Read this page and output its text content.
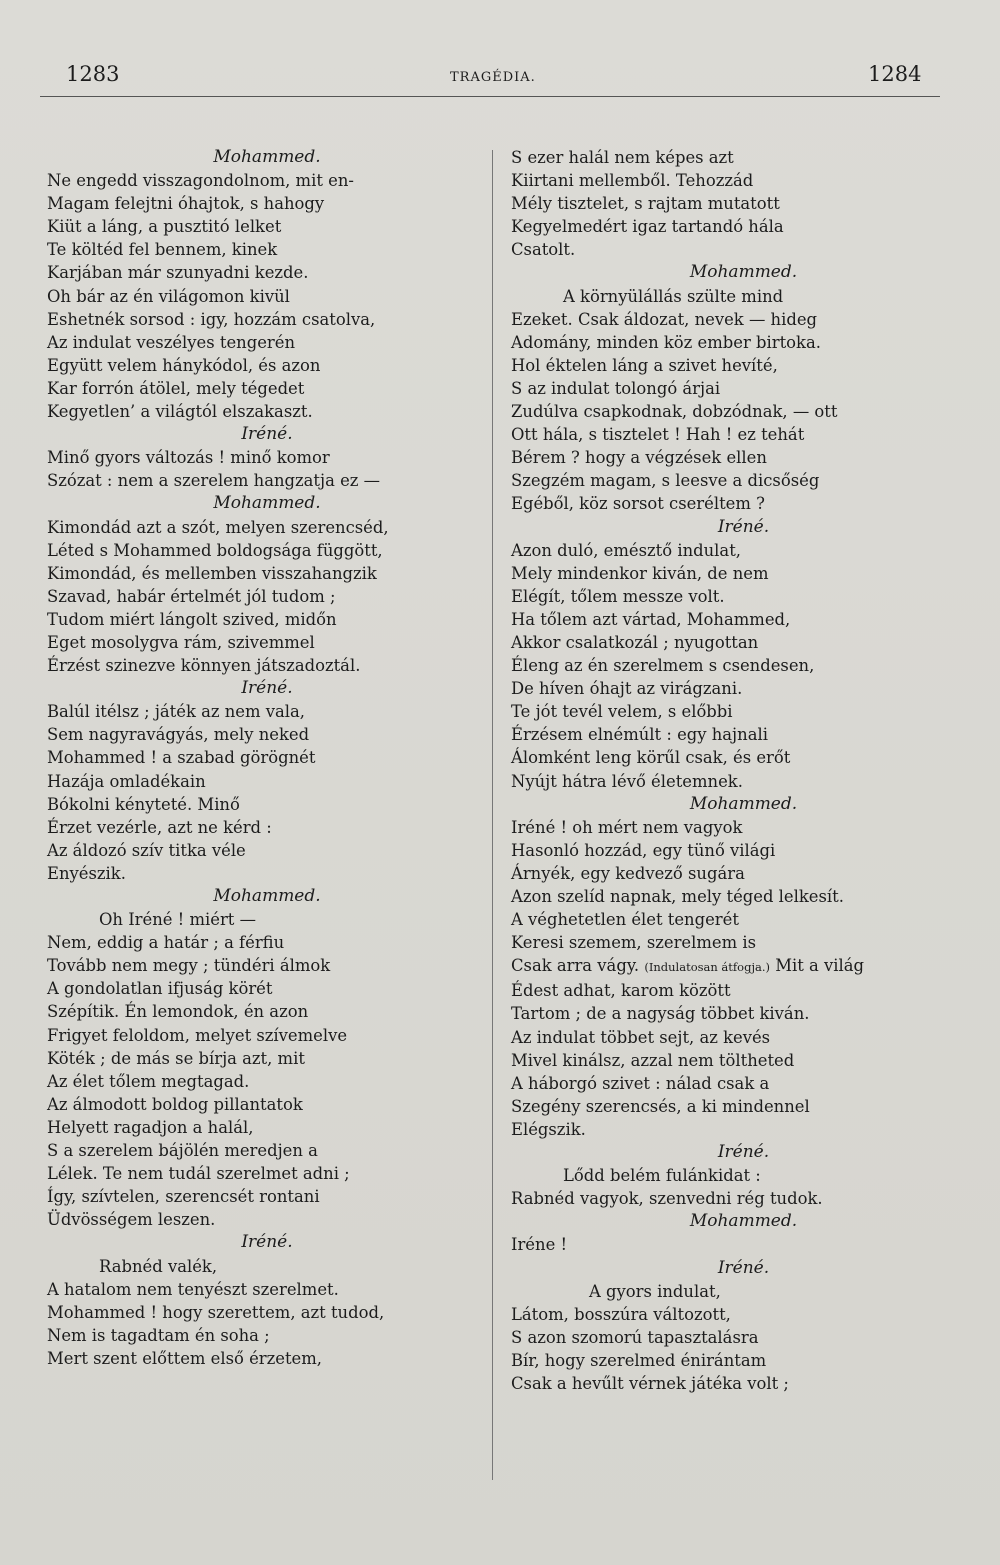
1283	TRAGÉDIA.	1284
Mohammed.
Ne engedd visszagondolnom, mit en-
Magam felejtni óhajtok, s hahogy
Kiüt a láng, a pusztitó lelket
Te költéd fel bennem, kinek
Karjában már szunyadni kezde.
Oh bár az én világomon kivül
Eshetnék sorsod : igy, hozzám csatolva,
Az indulat veszélyes tengerén
Együtt velem hánykódol, és azon
Kar forrón átölel, mely tégedet
Kegyetlen’ a világtól elszakaszt.
Iréné.
Minő gyors változás ! minő komor
Szózat : nem a szerelem hangzatja ez —
Mohammed.
Kimondád azt a szót, melyen szerencséd,
Léted s Mohammed boldogsága függött,
Kimondád, és mellemben visszahangzik
Szavad, habár értelmét jól tudom ;
Tudom miért lángolt szived, midőn
Eget mosolygva rám, szivemmel
Érzést szinezve könnyen játszadoztál.
Iréné.
Balúl itélsz ; játék az nem vala,
Sem nagyravágyás, mely neked
Mohammed ! a szabad görögnét
Hazája omladékain
Bókolni kényteté. Minő
Érzet vezérle, azt ne kérd :
Az áldozó szív titka véle
Enyészik.
Mohammed.
Oh Iréné ! miért —
Nem, eddig a határ ; a férfiu
Tovább nem megy ; tündéri álmok
A gondolatlan ifjuság körét
Szépítik. Én lemondok, én azon
Frigyet feloldom, melyet szívemelve
Köték ; de más se bírja azt, mit
Az élet tőlem megtagad.
Az álmodott boldog pillantatok
Helyett ragadjon a halál,
S a szerelem bájölén meredjen a
Lélek. Te nem tudál szerelmet adni ;
Így, szívtelen, szerencsét rontani
Üdvösségem leszen.
Iréné.
Rabnéd valék,
A hatalom nem tenyészt szerelmet.
Mohammed ! hogy szerettem, azt tudod,
Nem is tagadtam én soha ;
Mert szent előttem első érzetem,
S ezer halál nem képes azt
Kiirtani mellemből. Tehozzád
Mély tisztelet, s rajtam mutatott
Kegyelmedért igaz tartandó hála
Csatolt.
Mohammed.
A környülállás szülte mind
Ezeket. Csak áldozat, nevek — hideg
Adomány, minden köz ember birtoka.
Hol éktelen láng a szivet hevíté,
S az indulat tolongó árjai
Zudúlva csapkodnak, dobzódnak, — ott
Ott hála, s tisztelet ! Hah ! ez tehát
Bérem ? hogy a végzések ellen
Szegzém magam, s leesve a dicsőség
Egéből, köz sorsot cseréltem ?
Iréné.
Azon duló, emésztő indulat,
Mely mindenkor kiván, de nem
Elégít, tőlem messze volt.
Ha tőlem azt vártad, Mohammed,
Akkor csalatkozál ; nyugottan
Éleng az én szerelmem s csendesen,
De híven óhajt az virágzani.
Te jót tevél velem, s előbbi
Érzésem elnémúlt : egy hajnali
Álomként leng körűl csak, és erőt
Nyújt hátra lévő életemnek.
Mohammed.
Iréné ! oh mért nem vagyok
Hasonló hozzád, egy tünő világi
Árnyék, egy kedvező sugára
Azon szelíd napnak, mely téged lelkesít.
A véghetetlen élet tengerét
Keresi szemem, szerelmem is
Csak arra vágy. (Indulatosan átfogja.) Mit a világ
Édest adhat, karom között
Tartom ; de a nagyság többet kiván.
Az indulat többet sejt, az kevés
Mivel kinálsz, azzal nem töltheted
A háborgó szivet : nálad csak a
Szegény szerencsés, a ki mindennel
Elégszik.
Iréné.
Lődd belém fulánkidat :
Rabnéd vagyok, szenvedni rég tudok.
Mohammed.
Iréne !
Iréné.
A gyors indulat,
Látom, bosszúra változott,
S azon szomorú tapasztalásra
Bír, hogy szerelmed énirántam
Csak a hevűlt vérnek játéka volt ;
